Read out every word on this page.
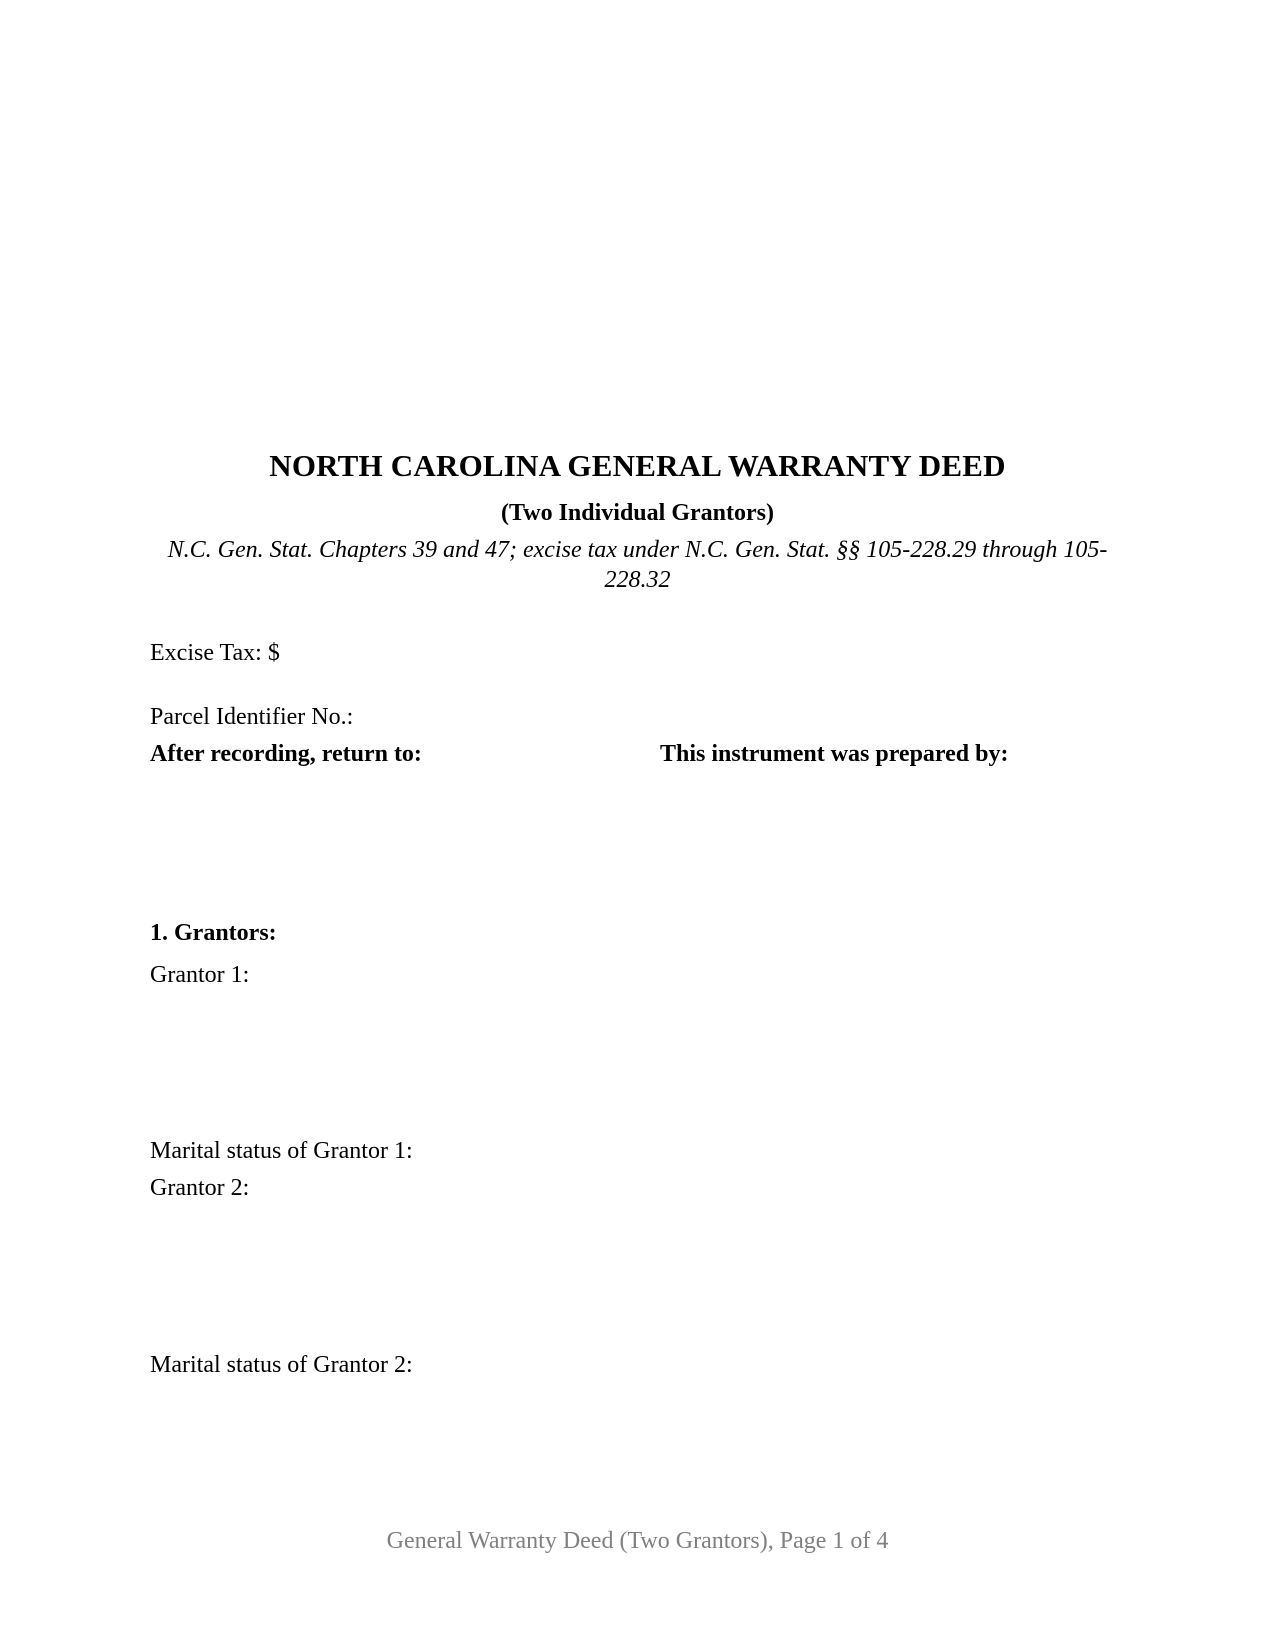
NORTH CAROLINA GENERAL WARRANTY DEED
(Two Individual Grantors)
N.C. Gen. Stat. Chapters 39 and 47; excise tax under N.C. Gen. Stat. §§ 105-228.29 through 105-228.32
Excise Tax: $
Parcel Identifier No.:
After recording, return to:	This instrument was prepared by:
1. Grantors:
Grantor 1:
Marital status of Grantor 1:
Grantor 2:
Marital status of Grantor 2:
General Warranty Deed (Two Grantors), Page 1 of 4
